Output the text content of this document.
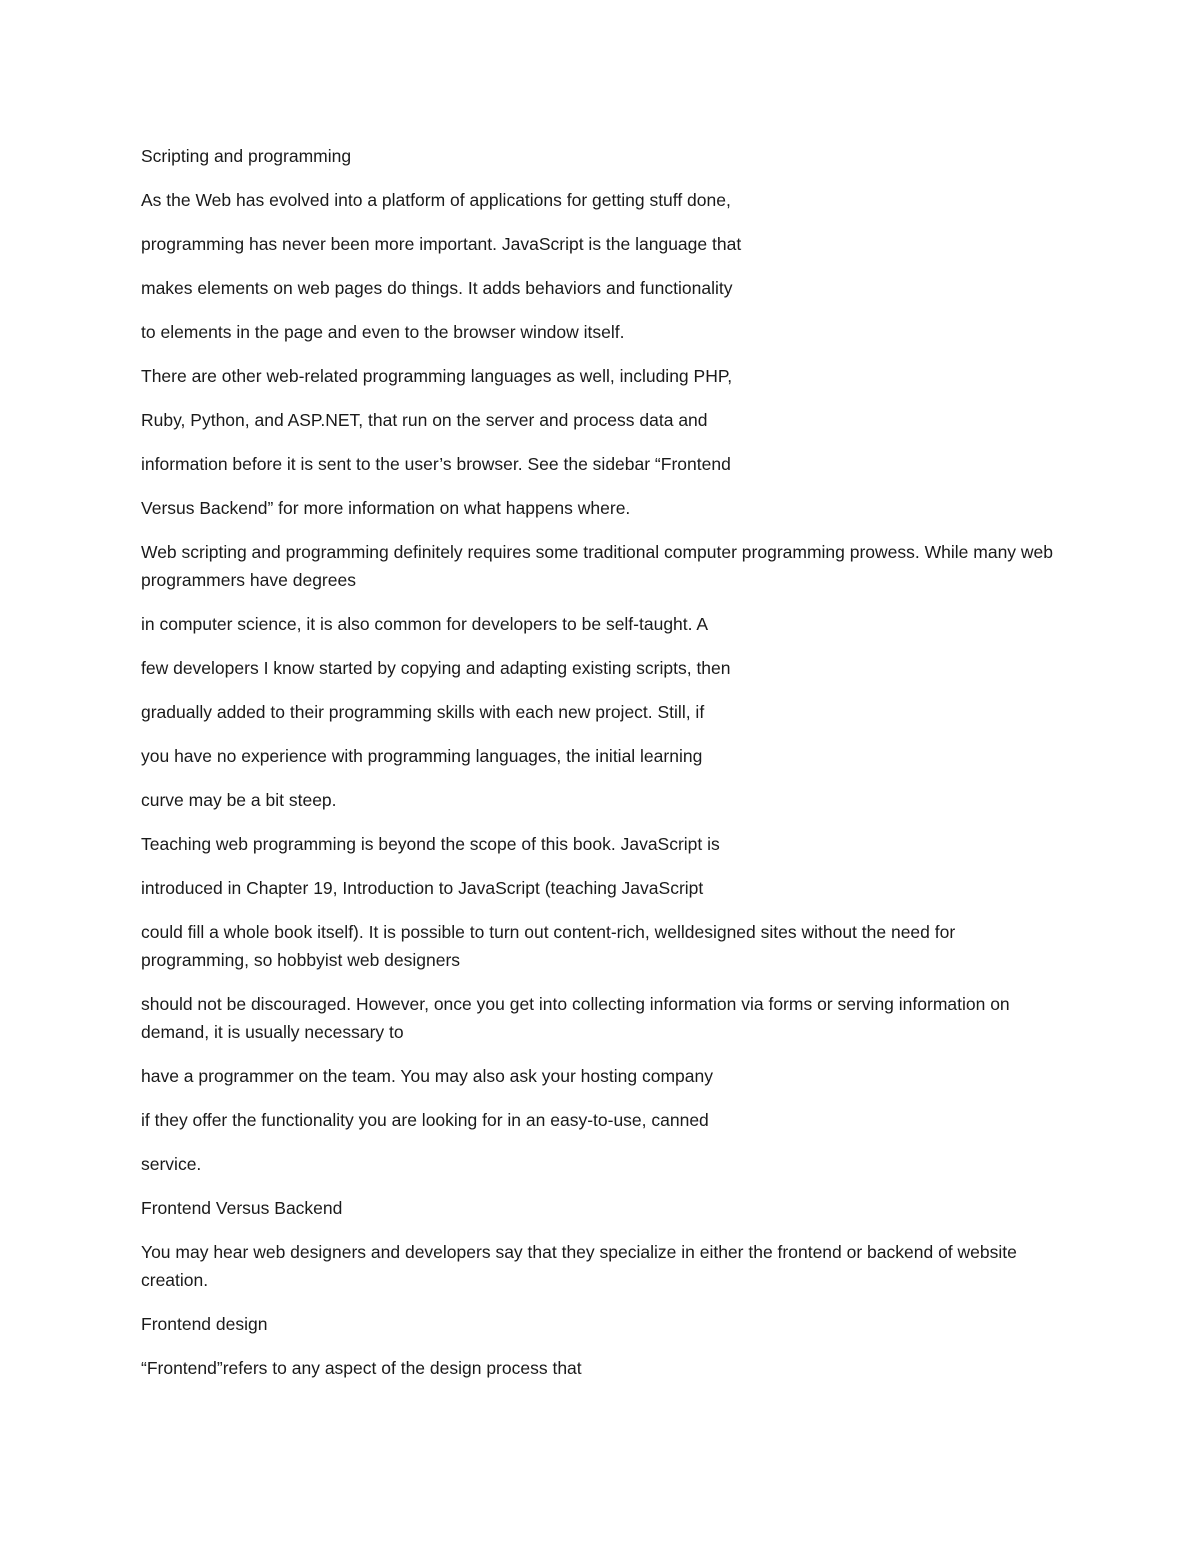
Scripting and programming

As the Web has evolved into a platform of applications for getting stuff done,

programming has never been more important. JavaScript is the language that

makes elements on web pages do things. It adds behaviors and functionality

to elements in the page and even to the browser window itself.

There are other web-related programming languages as well, including PHP,

Ruby, Python, and ASP.NET, that run on the server and process data and

information before it is sent to the user’s browser. See the sidebar “Frontend

Versus Backend” for more information on what happens where.

Web scripting and programming definitely requires some traditional computer programming prowess. While many web programmers have degrees

in computer science, it is also common for developers to be self-taught. A

few developers I know started by copying and adapting existing scripts, then

gradually added to their programming skills with each new project. Still, if

you have no experience with programming languages, the initial learning

curve may be a bit steep.

Teaching web programming is beyond the scope of this book. JavaScript is

introduced in Chapter 19, Introduction to JavaScript (teaching JavaScript

could fill a whole book itself). It is possible to turn out content-rich, welldesigned sites without the need for programming, so hobbyist web designers

should not be discouraged. However, once you get into collecting information via forms or serving information on demand, it is usually necessary to

have a programmer on the team. You may also ask your hosting company

if they offer the functionality you are looking for in an easy-to-use, canned

service.

Frontend Versus Backend

You may hear web designers and developers say that they specialize in either the frontend or backend of website creation.

Frontend design

“Frontend”refers to any aspect of the design process that
